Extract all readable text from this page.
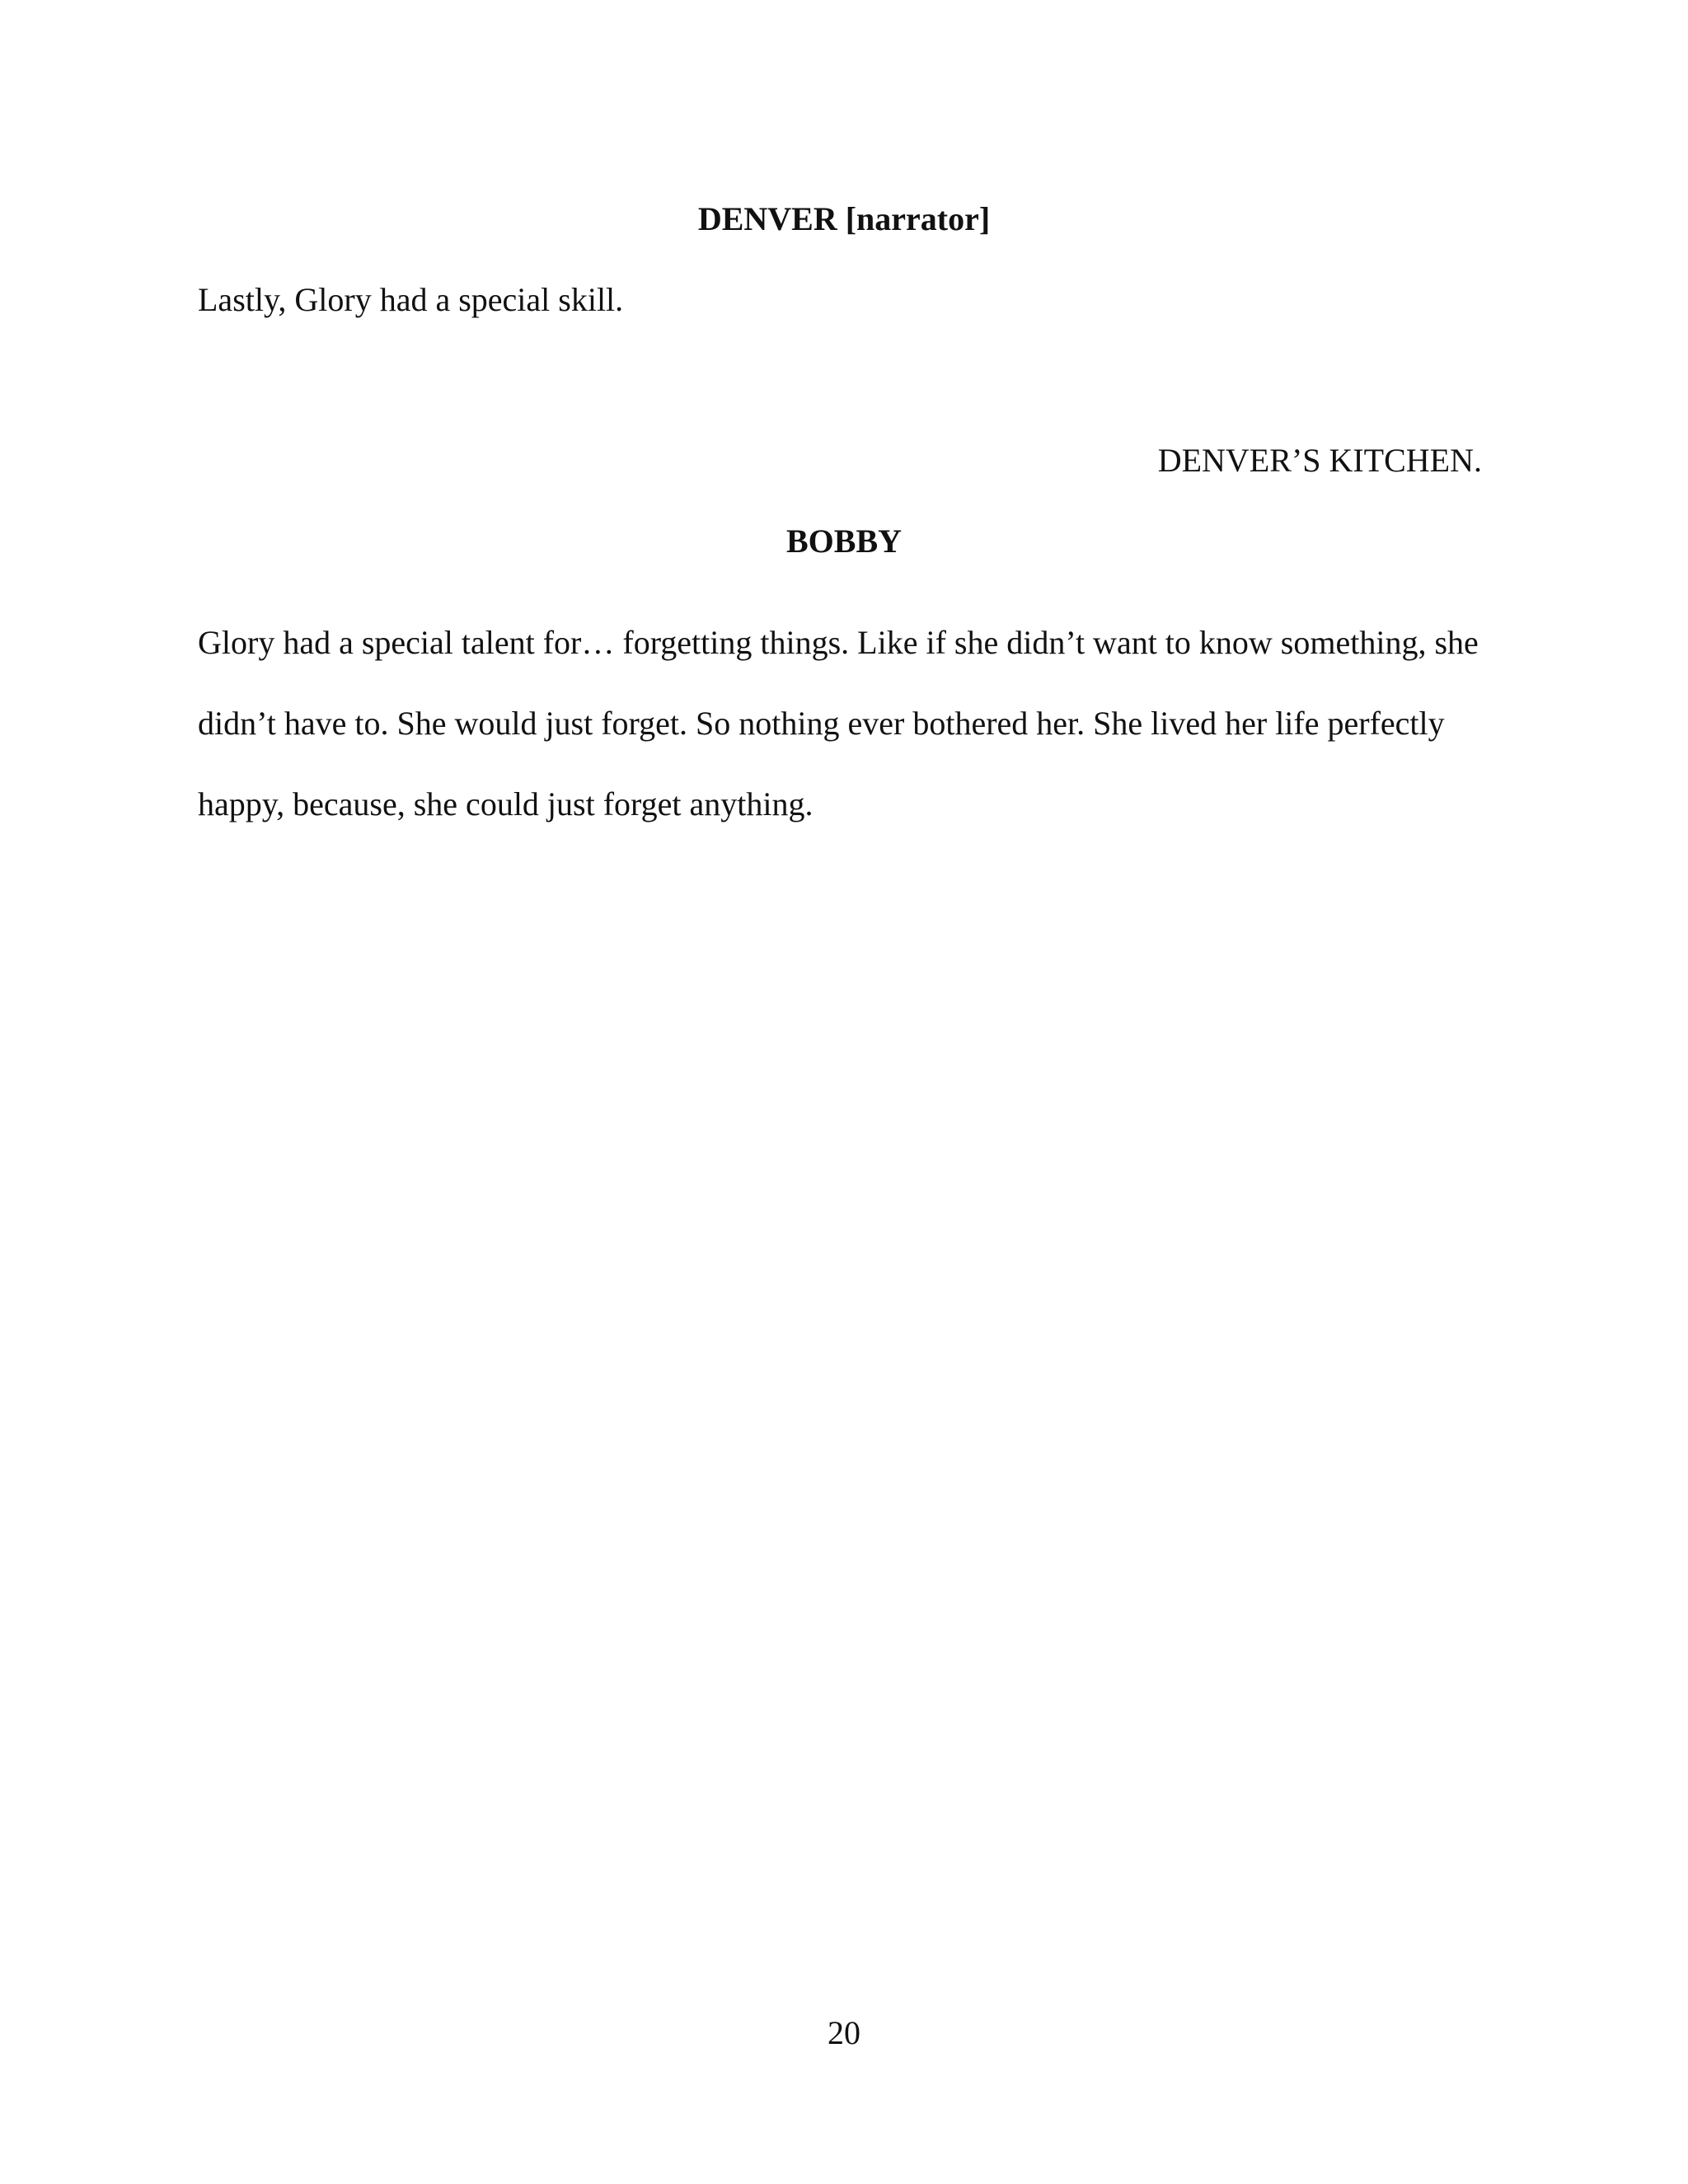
DENVER [narrator]

Lastly, Glory had a special skill.

DENVER’S KITCHEN.

BOBBY

Glory had a special talent for… forgetting things. Like if she didn’t want to know something, she didn’t have to. She would just forget. So nothing ever bothered her. She lived her life perfectly happy, because, she could just forget anything.

20
